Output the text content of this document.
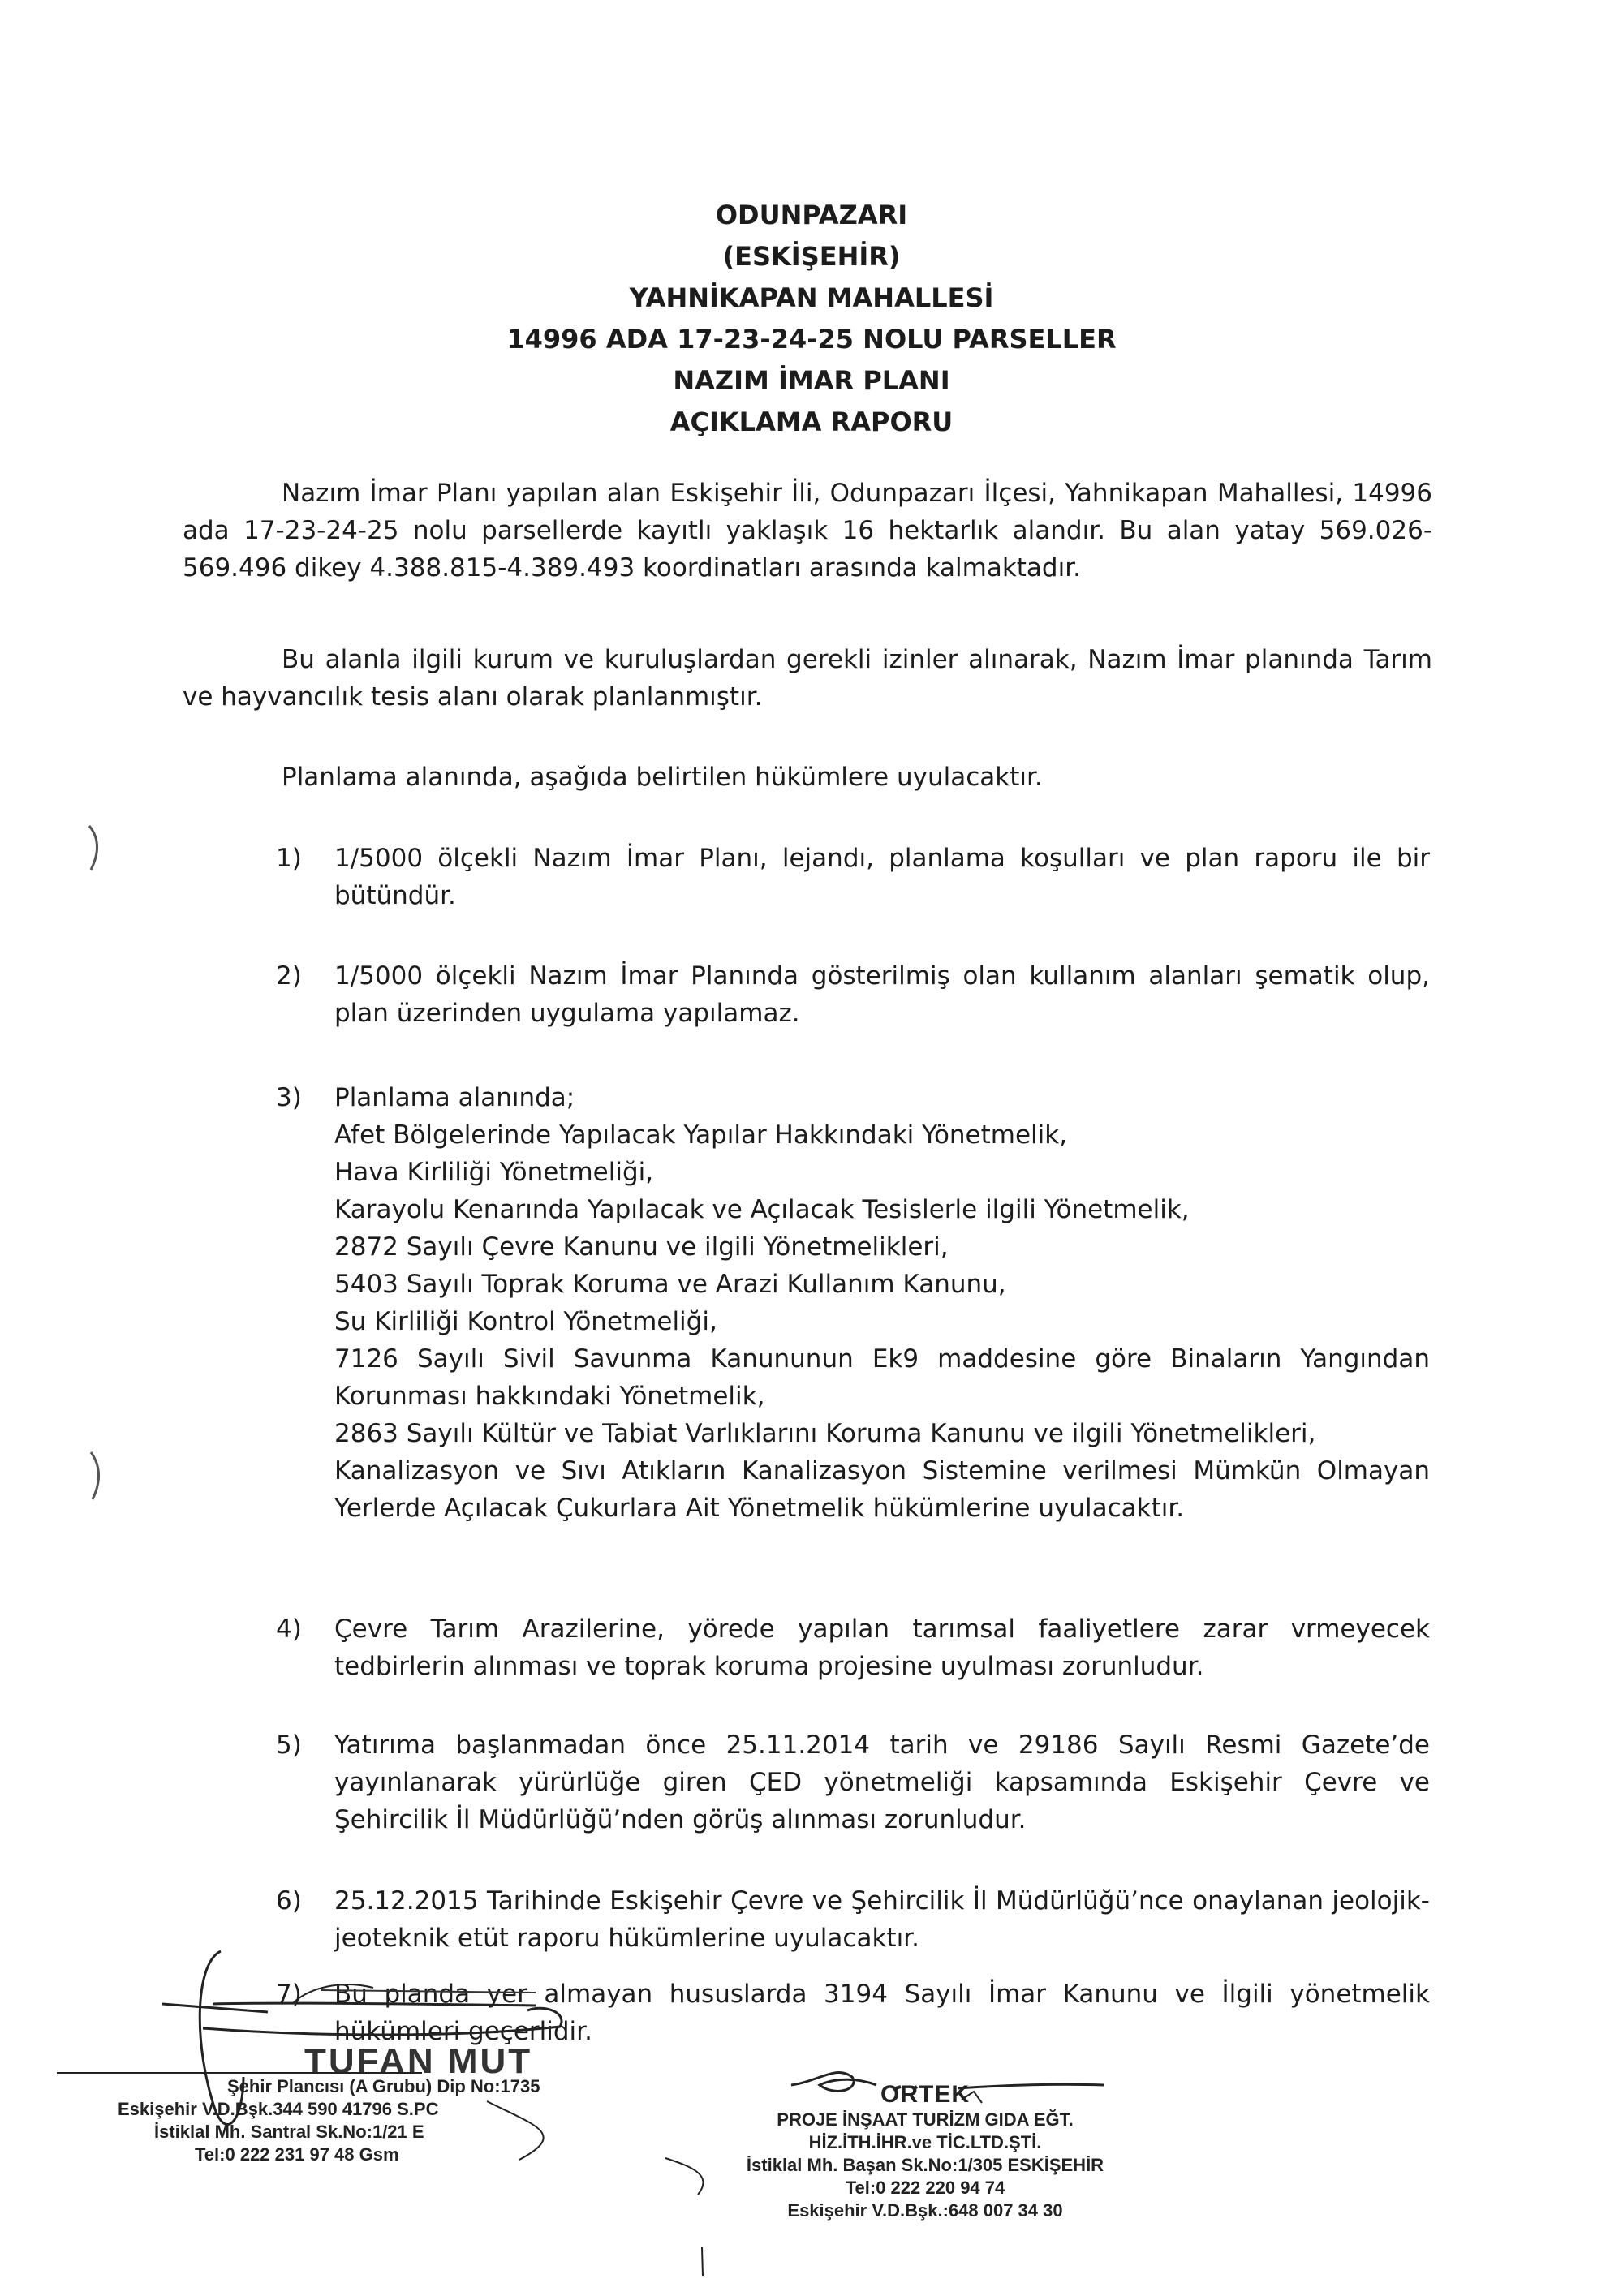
ODUNPAZARI
(ESKİŞEHİR)
YAHNİKAPAN MAHALLESİ
14996 ADA 17-23-24-25 NOLU PARSELLER
NAZIM İMAR PLANI
AÇIKLAMA RAPORU
Nazım İmar Planı yapılan alan Eskişehir İli, Odunpazarı İlçesi, Yahnikapan Mahallesi, 14996 ada 17-23-24-25 nolu parsellerde kayıtlı yaklaşık 16 hektarlık alandır. Bu alan yatay 569.026-569.496 dikey 4.388.815-4.389.493 koordinatları arasında kalmaktadır.
Bu alanla ilgili kurum ve kuruluşlardan gerekli izinler alınarak, Nazım İmar planında Tarım ve hayvancılık tesis alanı olarak planlanmıştır.
Planlama alanında, aşağıda belirtilen hükümlere uyulacaktır.
1) 1/5000 ölçekli Nazım İmar Planı, lejandı, planlama koşulları ve plan raporu ile bir bütündür.
2) 1/5000 ölçekli Nazım İmar Planında gösterilmiş olan kullanım alanları şematik olup, plan üzerinden uygulama yapılamaz.
3) Planlama alanında;
Afet Bölgelerinde Yapılacak Yapılar Hakkındaki Yönetmelik,
Hava Kirliliği Yönetmeliği,
Karayolu Kenarında Yapılacak ve Açılacak Tesislerle ilgili Yönetmelik,
2872 Sayılı Çevre Kanunu ve ilgili Yönetmelikleri,
5403 Sayılı Toprak Koruma ve Arazi Kullanım Kanunu,
Su Kirliliği Kontrol Yönetmeliği,
7126 Sayılı Sivil Savunma Kanununun Ek9 maddesine göre Binaların Yangından Korunması hakkındaki Yönetmelik,
2863 Sayılı Kültür ve Tabiat Varlıklarını Koruma Kanunu ve ilgili Yönetmelikleri,
Kanalizasyon ve Sıvı Atıkların Kanalizasyon Sistemine verilmesi Mümkün Olmayan Yerlerde Açılacak Çukurlara Ait Yönetmelik hükümlerine uyulacaktır.
4) Çevre Tarım Arazilerine, yörede yapılan tarımsal faaliyetlere zarar vrmeyecek tedbirlerin alınması ve toprak koruma projesine uyulması zorunludur.
5) Yatırıma başlanmadan önce 25.11.2014 tarih ve 29186 Sayılı Resmi Gazete’de yayınlanarak yürürlüğe giren ÇED yönetmeliği kapsamında Eskişehir Çevre ve Şehircilik İl Müdürlüğü’nden görüş alınması zorunludur.
6) 25.12.2015 Tarihinde Eskişehir Çevre ve Şehircilik İl Müdürlüğü’nce onaylanan jeolojik-jeoteknik etüt raporu hükümlerine uyulacaktır.
7) Bu planda yer almayan hususlarda 3194 Sayılı İmar Kanunu ve İlgili yönetmelik hükümleri geçerlidir.
TUFAN MUT
Şehir Plancısı (A Grubu) Dip No:1735
Eskişehir V.D.Bşk.344 590 41796 S.PC
İstiklal Mh. Santral Sk.No:1/21 E
Tel:0 222 231 97 48 Gsm
ORTEK
PROJE İNŞAAT TURİZM GIDA EĞT.
HİZ.İTH.İHR.ve TİC.LTD.ŞTİ.
İstiklal Mh. Başan Sk.No:1/305 ESKİŞEHİR
Tel:0 222 220 94 74
Eskişehir V.D.Bşk.:648 007 34 30
